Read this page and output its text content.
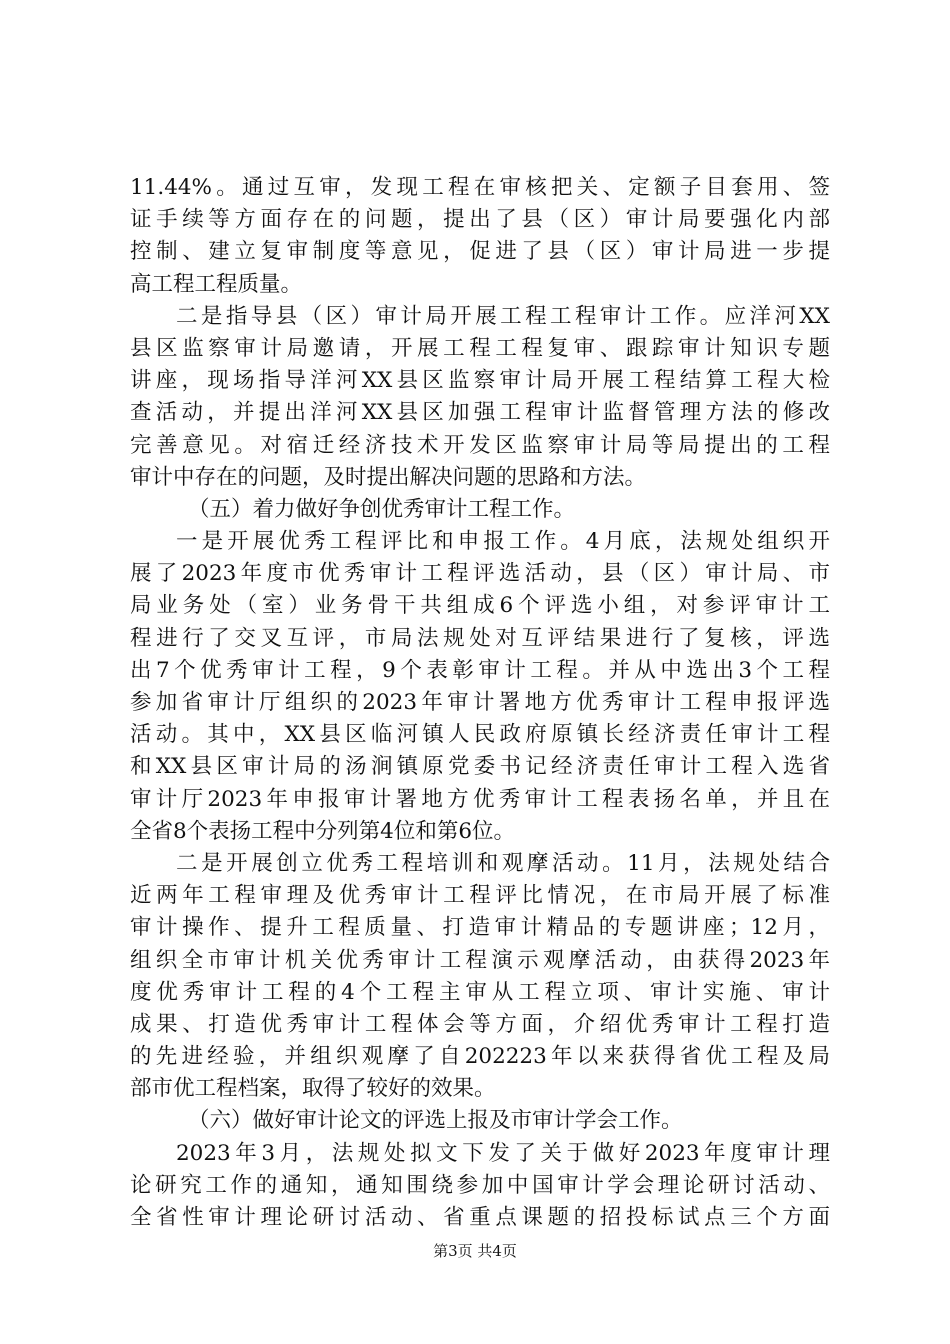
11.44%。通过互审，发现工程在审核把关、定额子目套用、签
证手续等方面存在的问题，提出了县（区）审计局要强化内部
控制、建立复审制度等意见，促进了县（区）审计局进一步提
高工程工程质量。
二是指导县（区）审计局开展工程工程审计工作。应洋河XX
县区监察审计局邀请，开展工程工程复审、跟踪审计知识专题
讲座，现场指导洋河XX县区监察审计局开展工程结算工程大检
查活动，并提出洋河XX县区加强工程审计监督管理方法的修改
完善意见。对宿迁经济技术开发区监察审计局等局提出的工程
审计中存在的问题，及时提出解决问题的思路和方法。
（五）着力做好争创优秀审计工程工作。
一是开展优秀工程评比和申报工作。4月底，法规处组织开
展了2023年度市优秀审计工程评选活动，县（区）审计局、市
局业务处（室）业务骨干共组成6个评选小组，对参评审计工
程进行了交叉互评，市局法规处对互评结果进行了复核，评选
出7个优秀审计工程，9个表彰审计工程。并从中选出3个工程
参加省审计厅组织的2023年审计署地方优秀审计工程申报评选
活动。其中，XX县区临河镇人民政府原镇长经济责任审计工程
和XX县区审计局的汤涧镇原党委书记经济责任审计工程入选省
审计厅2023年申报审计署地方优秀审计工程表扬名单，并且在
全省8个表扬工程中分列第4位和第6位。
二是开展创立优秀工程培训和观摩活动。11月，法规处结合
近两年工程审理及优秀审计工程评比情况，在市局开展了标准
审计操作、提升工程质量、打造审计精品的专题讲座；12月，
组织全市审计机关优秀审计工程演示观摩活动，由获得2023年
度优秀审计工程的4个工程主审从工程立项、审计实施、审计
成果、打造优秀审计工程体会等方面，介绍优秀审计工程打造
的先进经验，并组织观摩了自202223年以来获得省优工程及局
部市优工程档案，取得了较好的效果。
（六）做好审计论文的评选上报及市审计学会工作。
2023年3月，法规处拟文下发了关于做好2023年度审计理
论研究工作的通知，通知围绕参加中国审计学会理论研讨活动、
全省性审计理论研讨活动、省重点课题的招投标试点三个方面
第3页 共4页
